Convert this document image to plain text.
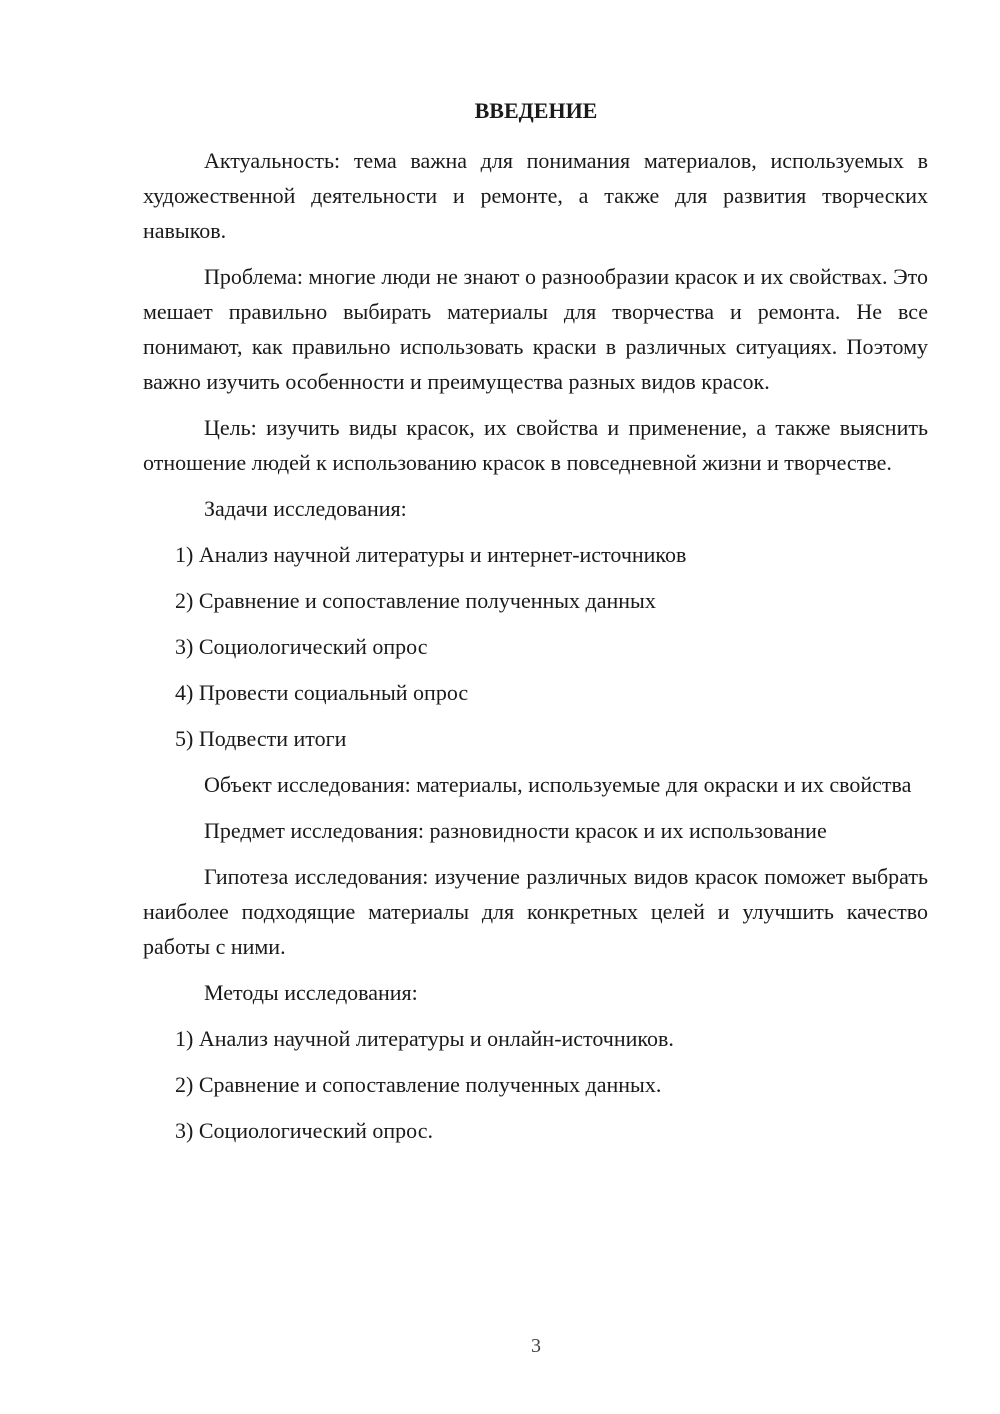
ВВЕДЕНИЕ

Актуальность: тема важна для понимания материалов, используемых в художественной деятельности и ремонте, а также для развития творческих навыков.

Проблема: многие люди не знают о разнообразии красок и их свойствах. Это мешает правильно выбирать материалы для творчества и ремонта. Не все понимают, как правильно использовать краски в различных ситуациях. Поэтому важно изучить особенности и преимущества разных видов красок.

Цель: изучить виды красок, их свойства и применение, а также выяснить отношение людей к использованию красок в повседневной жизни и творчестве.

Задачи исследования:

1) Анализ научной литературы и интернет-источников
2) Сравнение и сопоставление полученных данных
3) Социологический опрос
4) Провести социальный опрос
5) Подвести итоги

Объект исследования: материалы, используемые для окраски и их свойства

Предмет исследования: разновидности красок и их использование

Гипотеза исследования: изучение различных видов красок поможет выбрать наиболее подходящие материалы для конкретных целей и улучшить качество работы с ними.

Методы исследования:

1) Анализ научной литературы и онлайн-источников.
2) Сравнение и сопоставление полученных данных.
3) Социологический опрос.
3
